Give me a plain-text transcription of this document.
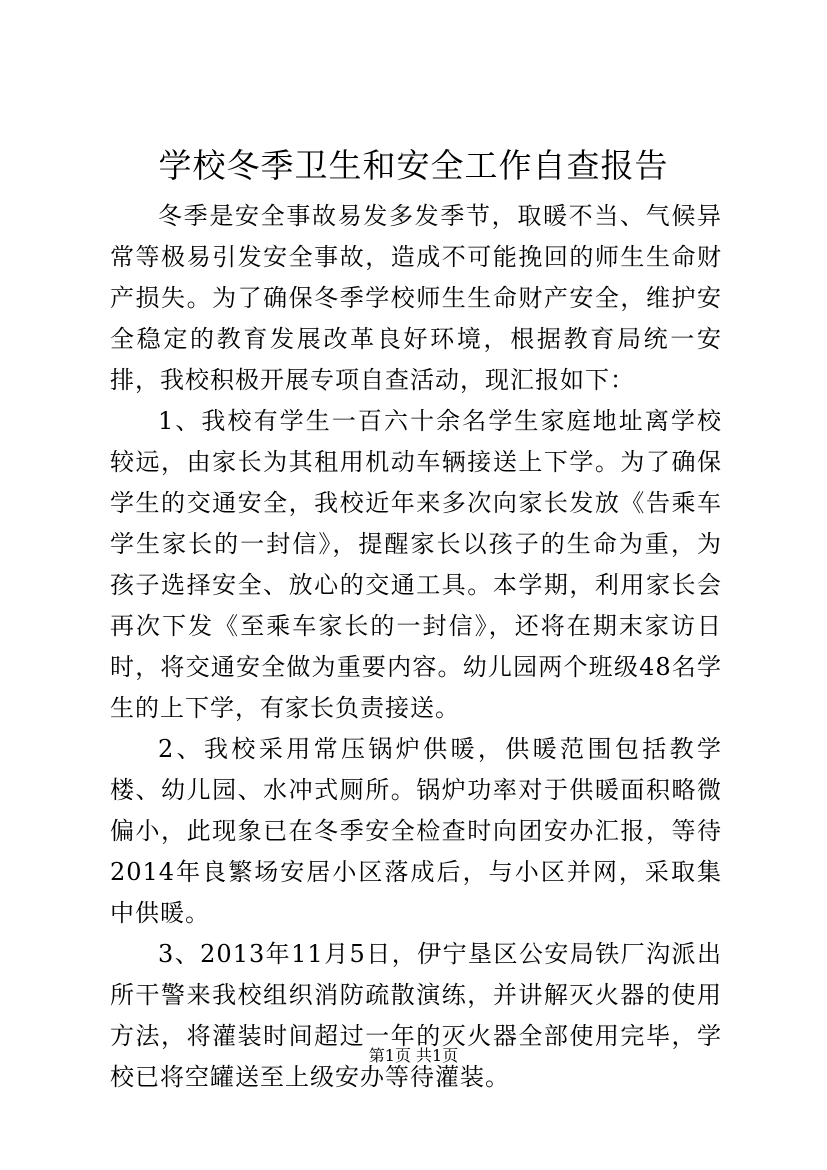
学校冬季卫生和安全工作自查报告

冬季是安全事故易发多发季节，取暖不当、气候异常等极易引发安全事故，造成不可能挽回的师生生命财产损失。为了确保冬季学校师生生命财产安全，维护安全稳定的教育发展改革良好环境，根据教育局统一安排，我校积极开展专项自查活动，现汇报如下：

1、我校有学生一百六十余名学生家庭地址离学校较远，由家长为其租用机动车辆接送上下学。为了确保学生的交通安全，我校近年来多次向家长发放《告乘车学生家长的一封信》，提醒家长以孩子的生命为重，为孩子选择安全、放心的交通工具。本学期，利用家长会再次下发《至乘车家长的一封信》，还将在期末家访日时，将交通安全做为重要内容。幼儿园两个班级48名学生的上下学，有家长负责接送。

2、我校采用常压锅炉供暖，供暖范围包括教学楼、幼儿园、水冲式厕所。锅炉功率对于供暖面积略微偏小，此现象已在冬季安全检查时向团安办汇报，等待2014年良繁场安居小区落成后，与小区并网，采取集中供暖。

3、2013年11月5日，伊宁垦区公安局铁厂沟派出所干警来我校组织消防疏散演练，并讲解灭火器的使用方法，将灌装时间超过一年的灭火器全部使用完毕，学校已将空罐送至上级安办等待灌装。

第1页 共1页
